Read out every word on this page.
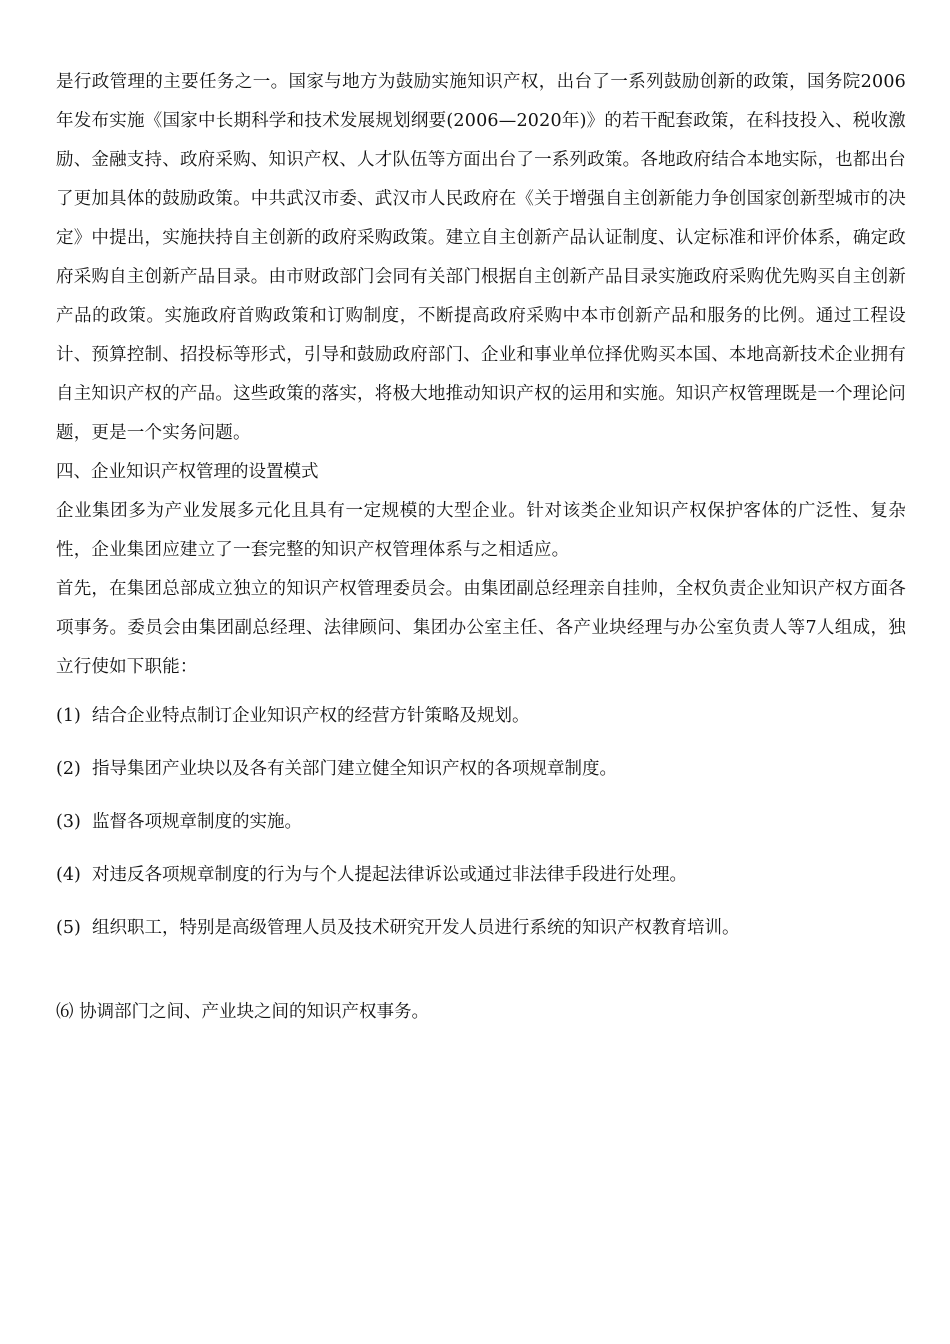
是行政管理的主要任务之一。国家与地方为鼓励实施知识产权，出台了一系列鼓励创新的政策，国务院2006年发布实施《国家中长期科学和技术发展规划纲要(2006—2020年)》的若干配套政策，在科技投入、税收激励、金融支持、政府采购、知识产权、人才队伍等方面出台了一系列政策。各地政府结合本地实际，也都出台了更加具体的鼓励政策。中共武汉市委、武汉市人民政府在《关于增强自主创新能力争创国家创新型城市的决定》中提出，实施扶持自主创新的政府采购政策。建立自主创新产品认证制度、认定标准和评价体系，确定政府采购自主创新产品目录。由市财政部门会同有关部门根据自主创新产品目录实施政府采购优先购买自主创新产品的政策。实施政府首购政策和订购制度，不断提高政府采购中本市创新产品和服务的比例。通过工程设计、预算控制、招投标等形式，引导和鼓励政府部门、企业和事业单位择优购买本国、本地高新技术企业拥有自主知识产权的产品。这些政策的落实，将极大地推动知识产权的运用和实施。知识产权管理既是一个理论问题，更是一个实务问题。

四、企业知识产权管理的设置模式

企业集团多为产业发展多元化且具有一定规模的大型企业。针对该类企业知识产权保护客体的广泛性、复杂性，企业集团应建立了一套完整的知识产权管理体系与之相适应。

首先，在集团总部成立独立的知识产权管理委员会。由集团副总经理亲自挂帅，全权负责企业知识产权方面各项事务。委员会由集团副总经理、法律顾问、集团办公室主任、各产业块经理与办公室负责人等7人组成，独立行使如下职能：

(1) 结合企业特点制订企业知识产权的经营方针策略及规划。
(2) 指导集团产业块以及各有关部门建立健全知识产权的各项规章制度。
(3) 监督各项规章制度的实施。
(4) 对违反各项规章制度的行为与个人提起法律诉讼或通过非法律手段进行处理。
(5) 组织职工，特别是高级管理人员及技术研究开发人员进行系统的知识产权教育培训。
⑹ 协调部门之间、产业块之间的知识产权事务。
